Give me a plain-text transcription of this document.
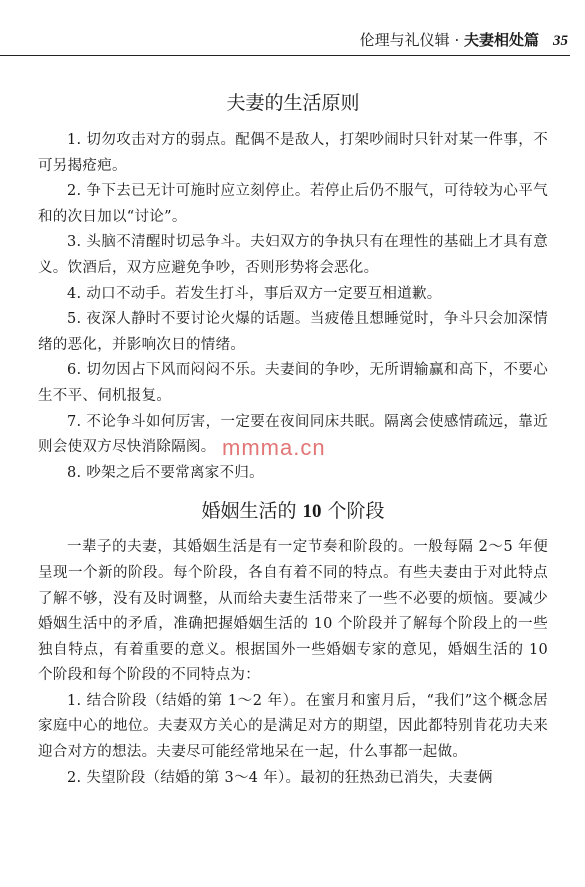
伦理与礼仪辑 · 夫妻相处篇 35
夫妻的生活原则

1. 切勿攻击对方的弱点。配偶不是敌人，打架吵闹时只针对某一件事，不可另揭疮疤。

2. 争下去已无计可施时应立刻停止。若停止后仍不服气，可待较为心平气和的次日加以“讨论”。

3. 头脑不清醒时切忌争斗。夫妇双方的争执只有在理性的基础上才具有意义。饮酒后，双方应避免争吵，否则形势将会恶化。

4. 动口不动手。若发生打斗，事后双方一定要互相道歉。

5. 夜深人静时不要讨论火爆的话题。当疲倦且想睡觉时，争斗只会加深情绪的恶化，并影响次日的情绪。

6. 切勿因占下风而闷闷不乐。夫妻间的争吵，无所谓输赢和高下，不要心生不平、伺机报复。

7. 不论争斗如何厉害，一定要在夜间同床共眠。隔离会使感情疏远，靠近则会使双方尽快消除隔阂。

8. 吵架之后不要常离家不归。

婚姻生活的 10 个阶段

一辈子的夫妻，其婚姻生活是有一定节奏和阶段的。一般每隔 2～5 年便呈现一个新的阶段。每个阶段，各自有着不同的特点。有些夫妻由于对此特点了解不够，没有及时调整，从而给夫妻生活带来了一些不必要的烦恼。要减少婚姻生活中的矛盾，准确把握婚姻生活的 10 个阶段并了解每个阶段上的一些独自特点，有着重要的意义。根据国外一些婚姻专家的意见，婚姻生活的 10 个阶段和每个阶段的不同特点为：

1. 结合阶段（结婚的第 1～2 年）。在蜜月和蜜月后，“我们”这个概念居家庭中心的地位。夫妻双方关心的是满足对方的期望，因此都特别肯花功夫来迎合对方的想法。夫妻尽可能经常地呆在一起，什么事都一起做。

2. 失望阶段（结婚的第 3～4 年）。最初的狂热劲已消失，夫妻俩

mmma.cn
